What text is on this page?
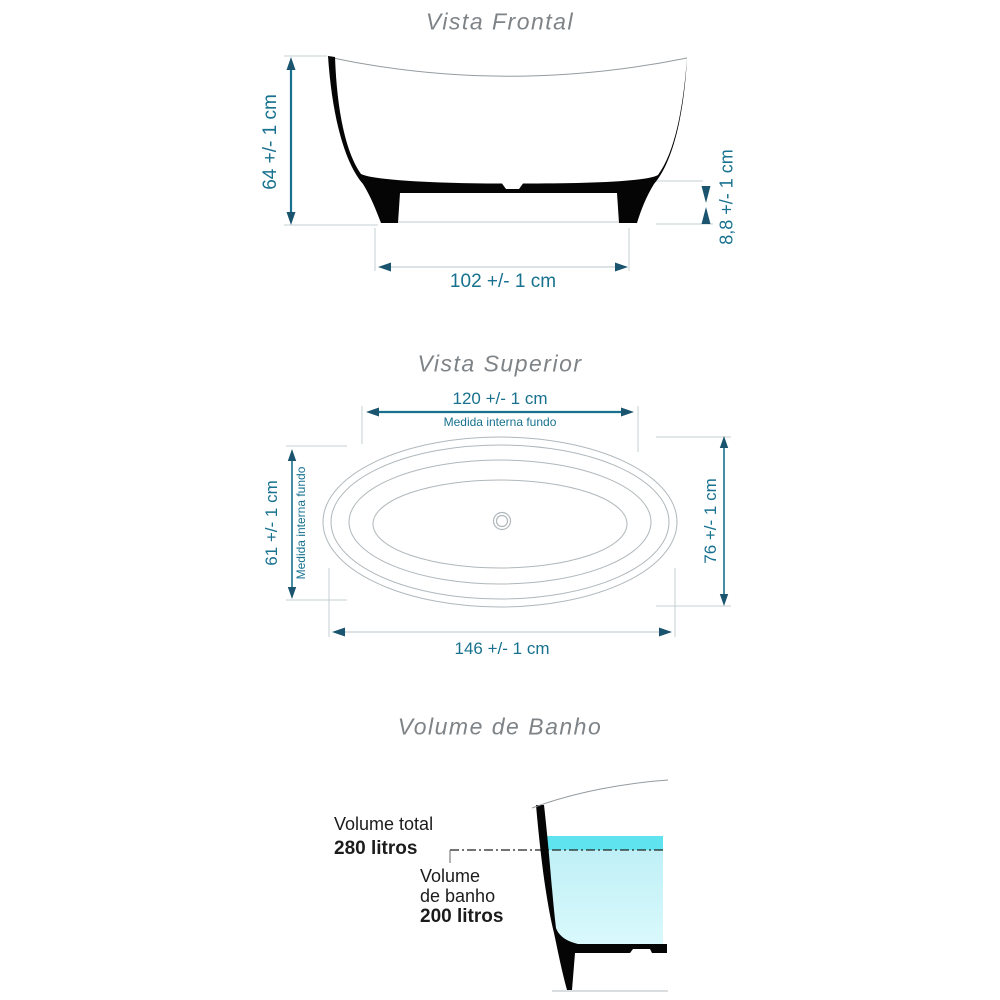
Vista Frontal
64 +/- 1 cm
102 +/- 1 cm
8,8 +/- 1 cm
Vista Superior
120 +/- 1 cm
Medida interna fundo
61 +/- 1 cm Medida interna fundo	76 +/- 1 cm
146 +/- 1 cm
Volume de Banho
Volume total
280 litros
Volume
de banho
200 litros
